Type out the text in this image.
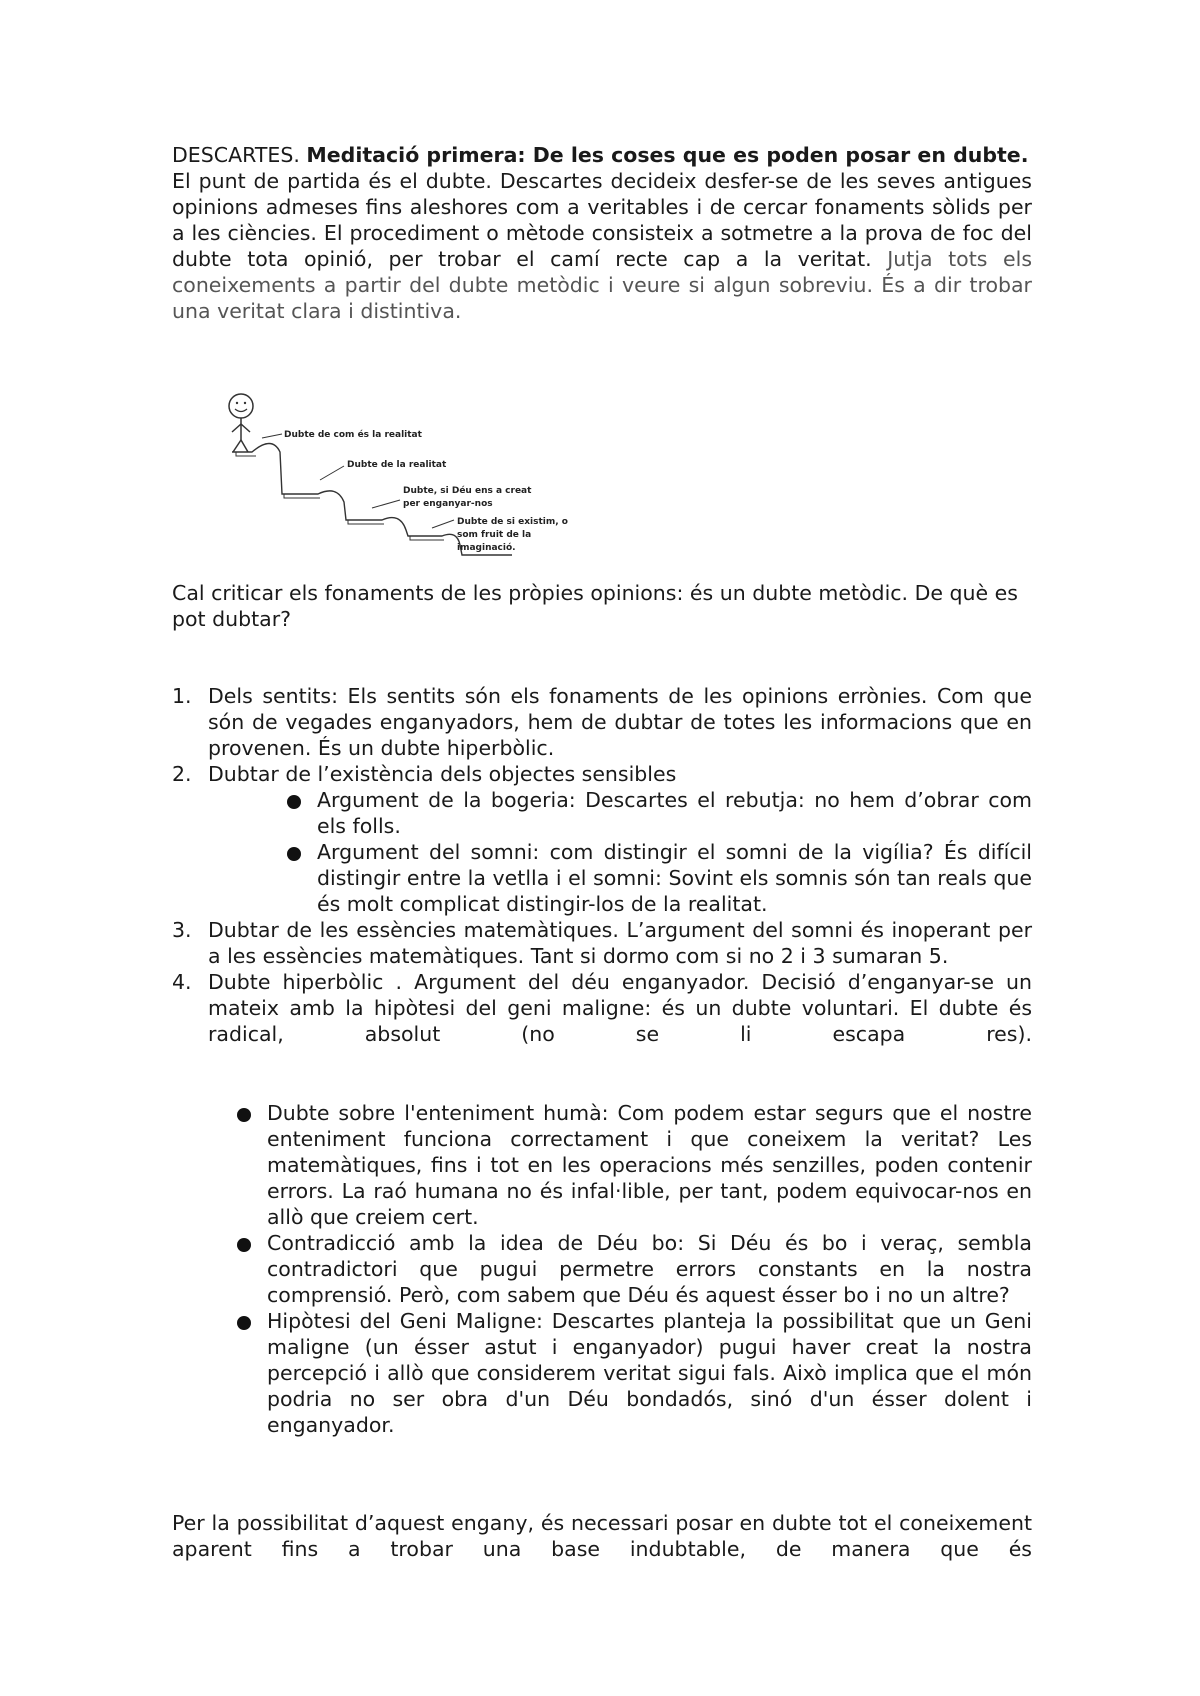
DESCARTES. Meditació primera: De les coses que es poden posar en dubte.

El punt de partida és el dubte. Descartes decideix desfer-se de les seves antigues opinions admeses fins aleshores com a veritables i de cercar fonaments sòlids per a les ciències. El procediment o mètode consisteix a sotmetre a la prova de foc del dubte tota opinió, per trobar el camí recte cap a la veritat. Jutja tots els coneixements a partir del dubte metòdic i veure si algun sobreviu. És a dir trobar una veritat clara i distintiva.

Dubte de com és la realitat
Dubte de la realitat
Dubte, si Déu ens a creat
per enganyar-nos
Dubte de si existim, o
som fruit de la
imaginació.

Cal criticar els fonaments de les pròpies opinions: és un dubte metòdic. De què es pot dubtar?

1. Dels sentits: Els sentits són els fonaments de les opinions errònies. Com que són de vegades enganyadors, hem de dubtar de totes les informacions que en provenen. És un dubte hiperbòlic.
2. Dubtar de l’existència dels objectes sensibles
Argument de la bogeria: Descartes el rebutja: no hem d’obrar com els folls.
Argument del somni: com distingir el somni de la vigília? És difícil distingir entre la vetlla i el somni: Sovint els somnis són tan reals que és molt complicat distingir-los de la realitat.
3. Dubtar de les essències matemàtiques. L’argument del somni és inoperant per a les essències matemàtiques. Tant si dormo com si no 2 i 3 sumaran 5.
4. Dubte hiperbòlic . Argument del déu enganyador. Decisió d’enganyar-se un mateix amb la hipòtesi del geni maligne: és un dubte voluntari. El dubte és radical, absolut (no se li escapa res).
Dubte sobre l'enteniment humà: Com podem estar segurs que el nostre enteniment funciona correctament i que coneixem la veritat? Les matemàtiques, fins i tot en les operacions més senzilles, poden contenir errors. La raó humana no és infal·lible, per tant, podem equivocar-nos en allò que creiem cert.
Contradicció amb la idea de Déu bo: Si Déu és bo i veraç, sembla contradictori que pugui permetre errors constants en la nostra comprensió. Però, com sabem que Déu és aquest ésser bo i no un altre?
Hipòtesi del Geni Maligne: Descartes planteja la possibilitat que un Geni maligne (un ésser astut i enganyador) pugui haver creat la nostra percepció i allò que considerem veritat sigui fals. Això implica que el món podria no ser obra d'un Déu bondadós, sinó d'un ésser dolent i enganyador.

Per la possibilitat d’aquest engany, és necessari posar en dubte tot el coneixement aparent fins a trobar una base indubtable, de manera que és
